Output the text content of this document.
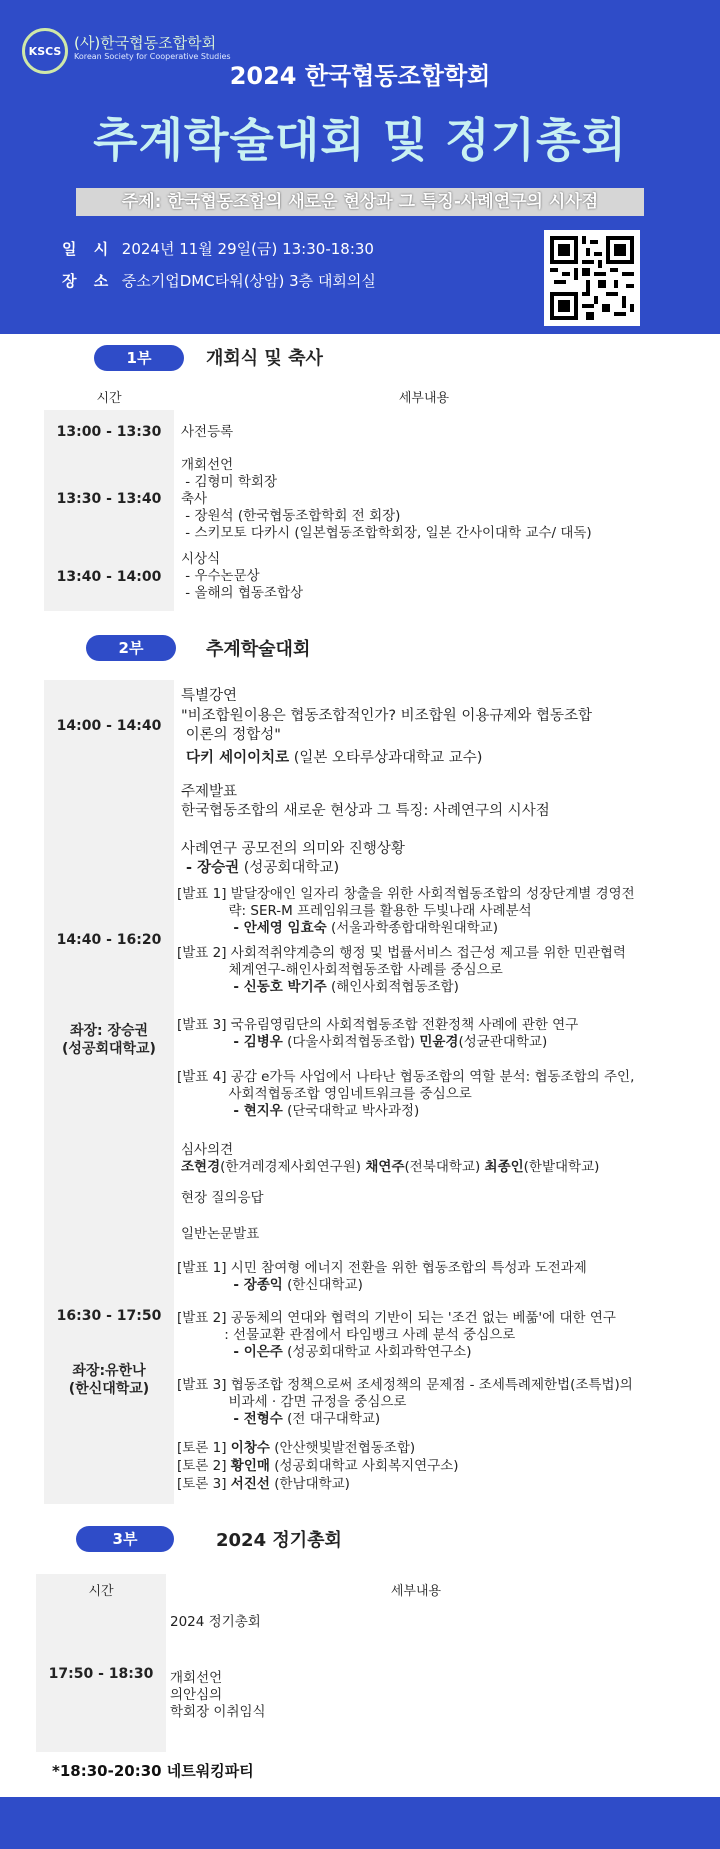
KSCS (사)한국협동조합학회
Korean Society for Cooperative Studies
2024 한국협동조합학회
추계학술대회 및 정기총회
주제: 한국협동조합의 새로운 현상과 그 특징-사례연구의 시사점
일 시 2024년 11월 29일(금) 13:30-18:30
장 소 중소기업DMC타워(상암) 3층 대회의실
1부	개회식 및 축사
시간	세부내용
13:00 - 13:30	사전등록
13:30 - 13:40
개회선언
- 김형미 학회장
축사
- 장원석 (한국협동조합학회 전 회장)
- 스키모토 다카시 (일본협동조합학회장, 일본 간사이대학 교수/ 대독)
13:40 - 14:00
시상식
- 우수논문상
- 올해의 협동조합상
2부	추계학술대회
14:00 - 14:40
특별강연
"비조합원이용은 협동조합적인가? 비조합원 이용규제와 협동조합
이론의 정합성"
다키 세이이치로 (일본 오타루상과대학교 교수)
14:40 - 16:20
좌장: 장승권
(성공회대학교)
주제발표
한국협동조합의 새로운 현상과 그 특징: 사례연구의 시사점
사례연구 공모전의 의미와 진행상황
- 장승권 (성공회대학교)
[발표 1] 발달장애인 일자리 창출을 위한 사회적협동조합의 성장단계별 경영전
략: SER-M 프레임워크를 활용한 두빛나래 사례분석
- 안세영 임효숙 (서울과학종합대학원대학교)
[발표 2] 사회적취약계층의 행정 및 법률서비스 접근성 제고를 위한 민관협력
체계연구-해인사회적협동조합 사례를 중심으로
- 신동호 박기주 (해인사회적협동조합)
[발표 3] 국유림영림단의 사회적협동조합 전환정책 사례에 관한 연구
- 김병우 (다울사회적협동조합) 민윤경(성균관대학교)
[발표 4] 공감 e가득 사업에서 나타난 협동조합의 역할 분석: 협동조합의 주인,
사회적협동조합 영임네트워크를 중심으로
- 현지우 (단국대학교 박사과정)
심사의견
조현경(한겨레경제사회연구원) 채연주(전북대학교) 최종인(한밭대학교)
현장 질의응답
16:30 - 17:50
좌장:유한나
(한신대학교)
일반논문발표
[발표 1] 시민 참여형 에너지 전환을 위한 협동조합의 특성과 도전과제
- 장종익 (한신대학교)
[발표 2] 공동체의 연대와 협력의 기반이 되는 '조건 없는 베풂'에 대한 연구
: 선물교환 관점에서 타임뱅크 사례 분석 중심으로
- 이은주 (성공회대학교 사회과학연구소)
[발표 3] 협동조합 정책으로써 조세정책의 문제점 - 조세특례제한법(조특법)의
비과세 · 감면 규정을 중심으로
- 전형수 (전 대구대학교)
[토론 1] 이창수 (안산햇빛발전협동조합)
[토론 2] 황인매 (성공회대학교 사회복지연구소)
[토론 3] 서진선 (한남대학교)
3부	2024 정기총회
시간	세부내용
17:50 - 18:30
2024 정기총회
개회선언
의안심의
학회장 이취임식
*18:30-20:30 네트워킹파티
